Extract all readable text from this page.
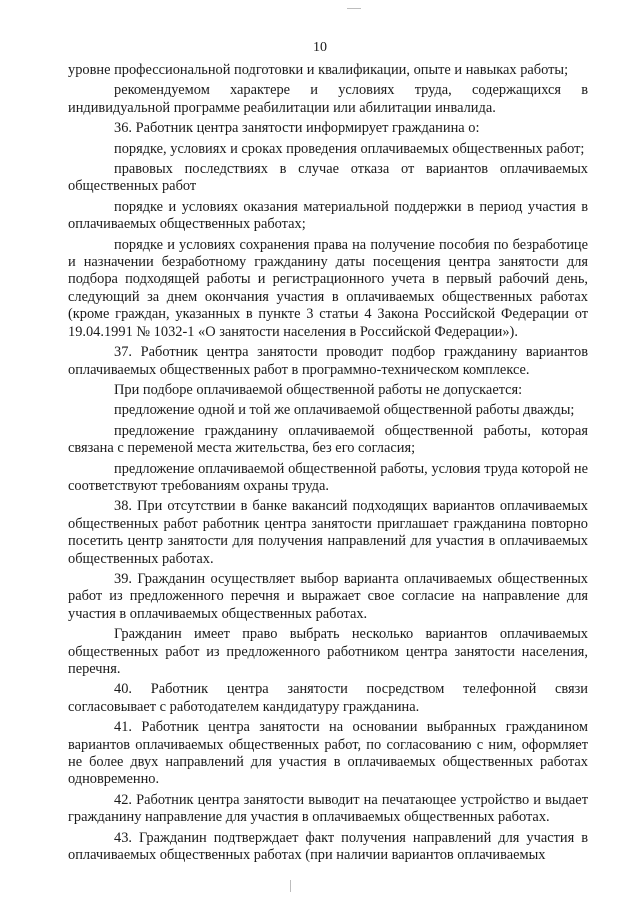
10

уровне профессиональной подготовки и квалификации, опыте и навыках работы;

рекомендуемом характере и условиях труда, содержащихся в индивидуальной программе реабилитации или абилитации инвалида.

36. Работник центра занятости информирует гражданина о:

порядке, условиях и сроках проведения оплачиваемых общественных работ;

правовых последствиях в случае отказа от вариантов оплачиваемых общественных работ

порядке и условиях оказания материальной поддержки в период участия в оплачиваемых общественных работах;

порядке и условиях сохранения права на получение пособия по безработице и назначении безработному гражданину даты посещения центра занятости для подбора подходящей работы и регистрационного учета в первый рабочий день, следующий за днем окончания участия в оплачиваемых общественных работах (кроме граждан, указанных в пункте 3 статьи 4 Закона Российской Федерации от 19.04.1991 № 1032-1 «О занятости населения в Российской Федерации»).

37. Работник центра занятости проводит подбор гражданину вариантов оплачиваемых общественных работ в программно-техническом комплексе.

При подборе оплачиваемой общественной работы не допускается:

предложение одной и той же оплачиваемой общественной работы дважды;

предложение гражданину оплачиваемой общественной работы, которая связана с переменой места жительства, без его согласия;

предложение оплачиваемой общественной работы, условия труда которой не соответствуют требованиям охраны труда.

38. При отсутствии в банке вакансий подходящих вариантов оплачиваемых общественных работ работник центра занятости приглашает гражданина повторно посетить центр занятости для получения направлений для участия в оплачиваемых общественных работах.

39. Гражданин осуществляет выбор варианта оплачиваемых общественных работ из предложенного перечня и выражает свое согласие на направление для участия в оплачиваемых общественных работах.

Гражданин имеет право выбрать несколько вариантов оплачиваемых общественных работ из предложенного работником центра занятости населения, перечня.

40. Работник центра занятости посредством телефонной связи согласовывает с работодателем кандидатуру гражданина.

41. Работник центра занятости на основании выбранных гражданином вариантов оплачиваемых общественных работ, по согласованию с ним, оформляет не более двух направлений для участия в оплачиваемых общественных работах одновременно.

42. Работник центра занятости выводит на печатающее устройство и выдает гражданину направление для участия в оплачиваемых общественных работах.

43. Гражданин подтверждает факт получения направлений для участия в оплачиваемых общественных работах (при наличии вариантов оплачиваемых
